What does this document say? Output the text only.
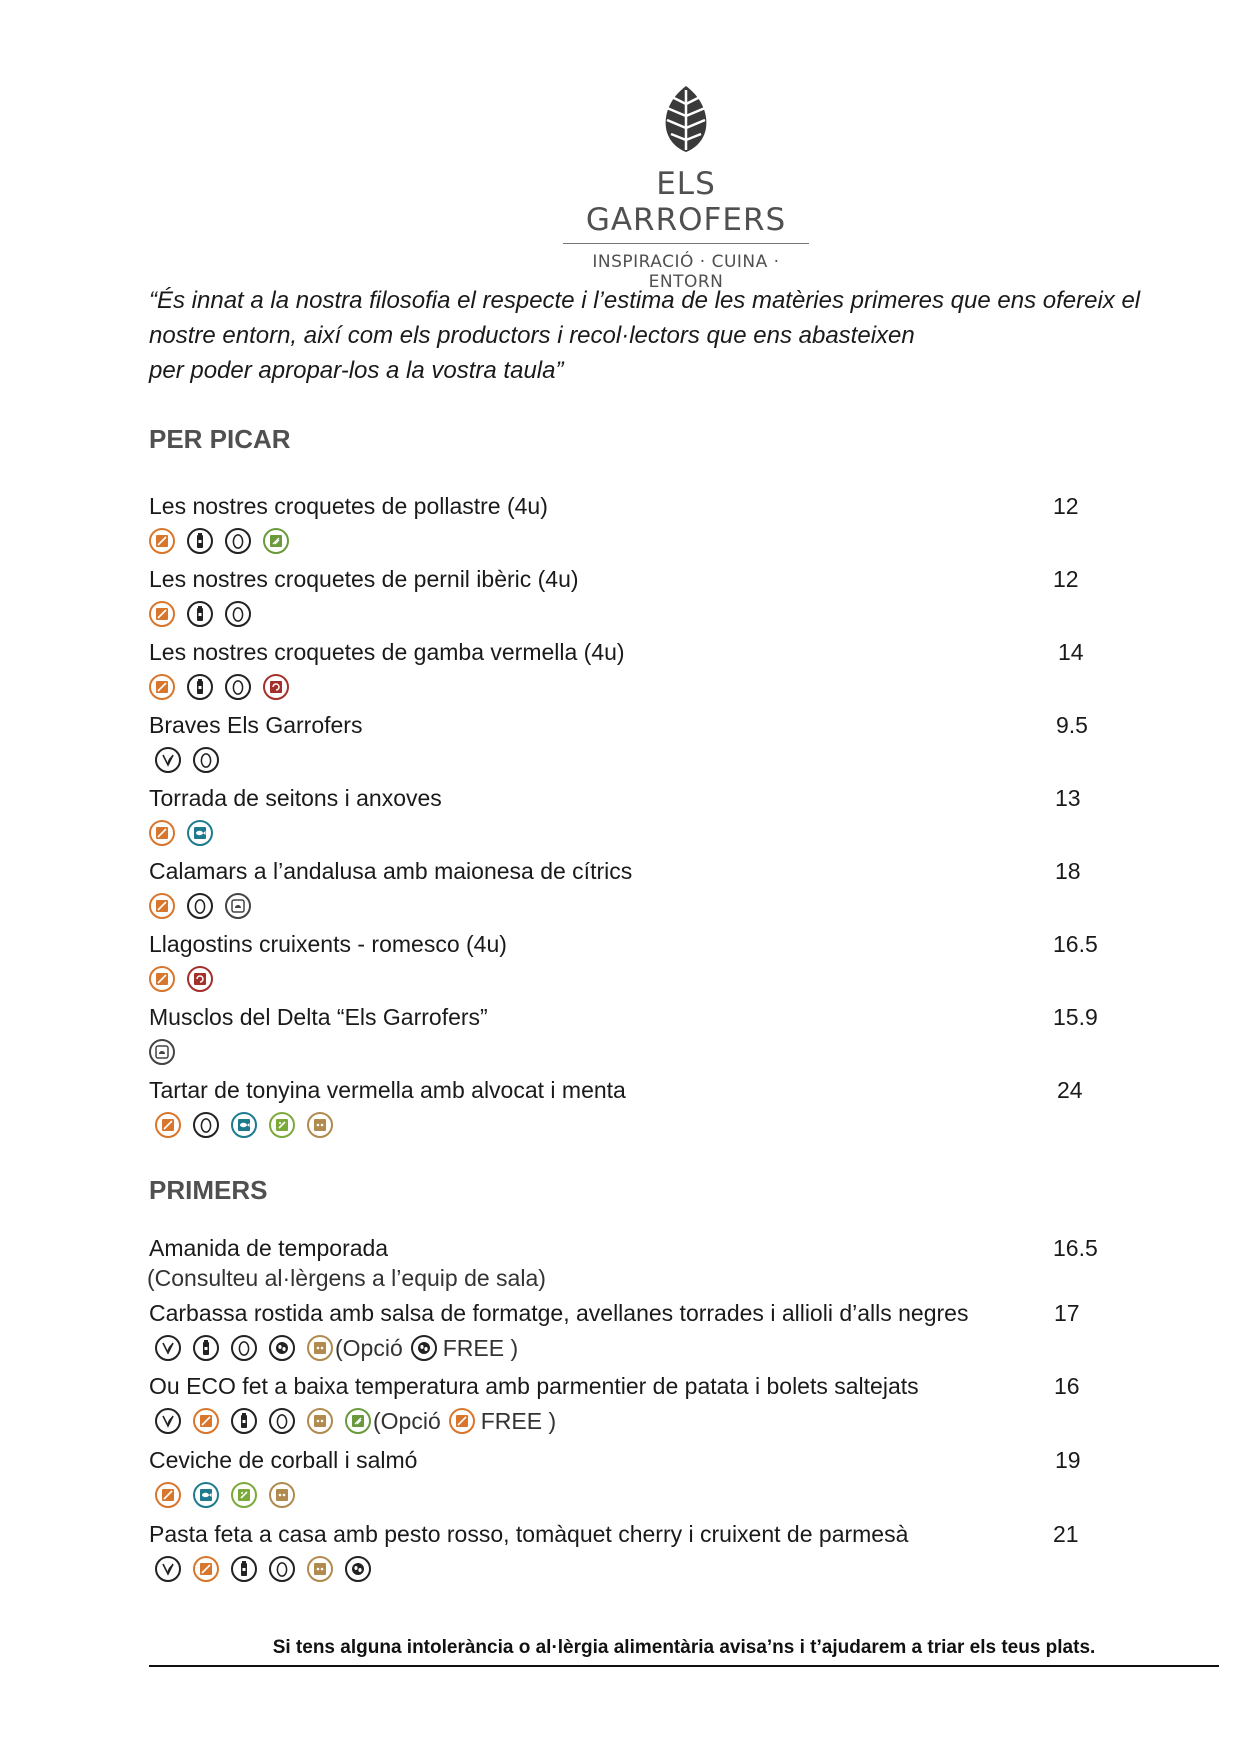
ELS GARROFERS
INSPIRACIÓ · CUINA · ENTORN
“És innat a la nostra filosofia el respecte i l’estima de les matèries primeres que ens ofereix el
nostre entorn, així com els productors i recol·lectors que ens abasteixen
per poder apropar-los a la vostra taula”
PER PICAR
PRIMERS
Les nostres croquetes de pollastre (4u)	12
Les nostres croquetes de pernil ibèric (4u)	12
Les nostres croquetes de gamba vermella (4u)	14
Braves Els Garrofers	9.5
Torrada de seitons i anxoves	13
Calamars a l’andalusa amb maionesa de cítrics	18
Llagostins cruixents - romesco (4u)	16.5
Musclos del Delta “Els Garrofers”	15.9
Tartar de tonyina vermella amb alvocat i menta	24
Amanida de temporada	16.5
(Consulteu al·lèrgens a l’equip de sala)
Carbassa rostida amb salsa de formatge, avellanes torrades i allioli d’alls negres	17
(Opció FREE )
Ou ECO fet a baixa temperatura amb parmentier de patata i bolets saltejats	16
(Opció FREE )
Ceviche de corball i salmó	19
Pasta feta a casa amb pesto rosso, tomàquet cherry i cruixent de parmesà	21
Si tens alguna intolerància o al·lèrgia alimentària avisa’ns i t’ajudarem a triar els teus plats.
